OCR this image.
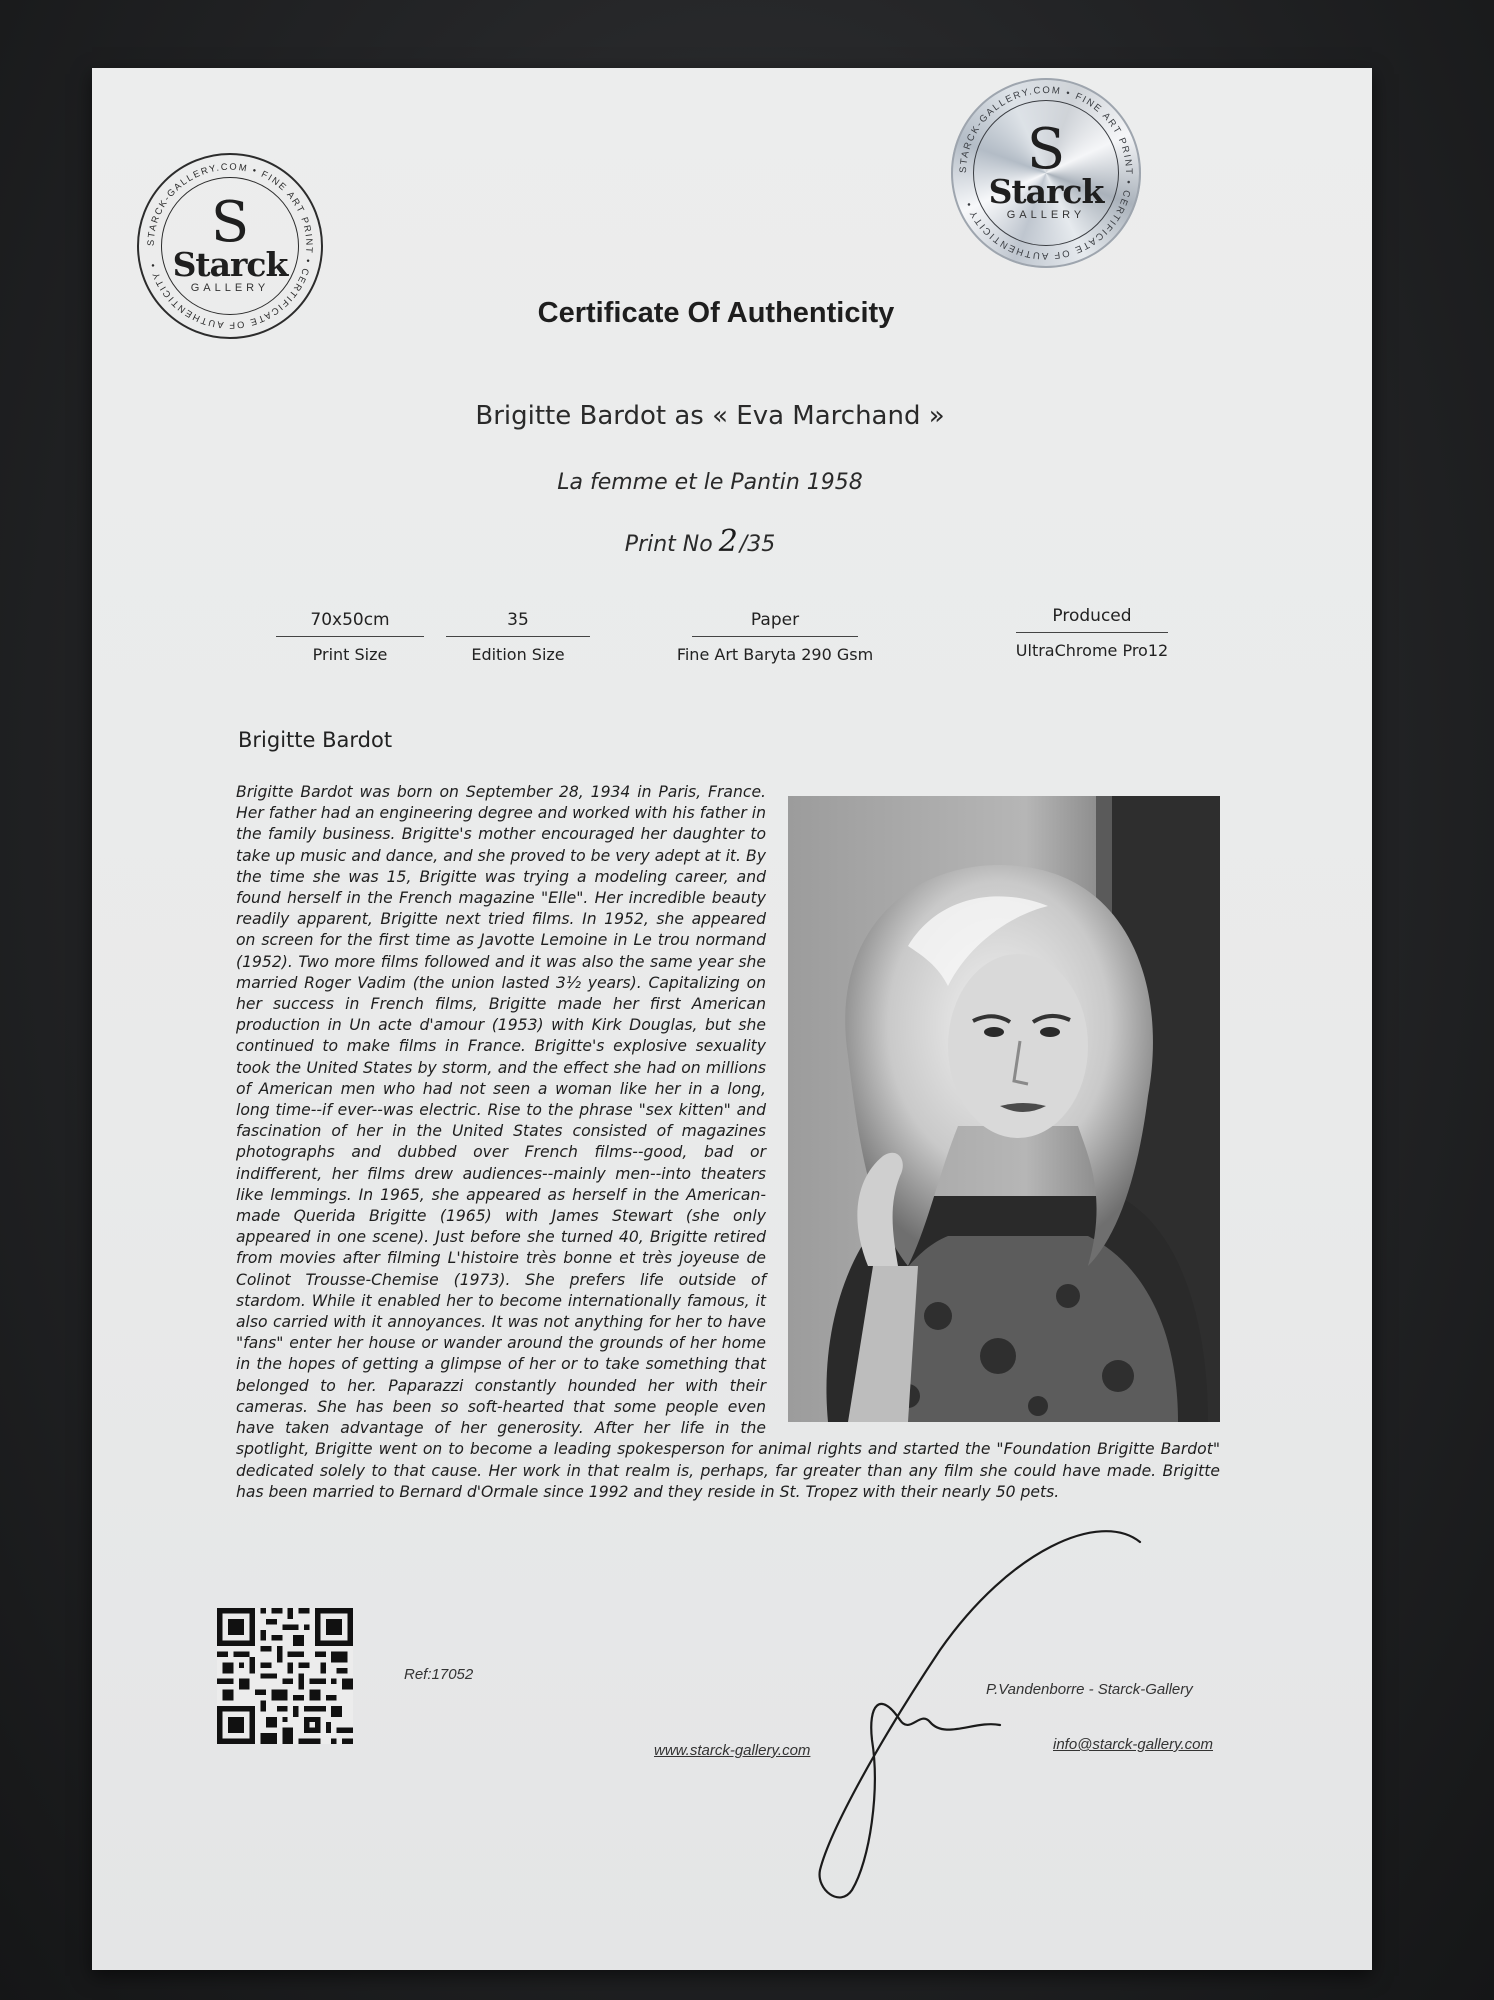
STARCK-GALLERY.COM • FINE ART PRINT • CERTIFICATE OF AUTHENTICITY •
S
Starck
GALLERY
STARCK-GALLERY.COM • FINE ART PRINT • CERTIFICATE OF AUTHENTICITY •
S
Starck
GALLERY
Certificate Of Authenticity
Brigitte Bardot as « Eva Marchand »
La femme et le Pantin 1958
Print No 2/35
70x50cm
Print Size
35
Edition Size
Paper
Fine Art Baryta 290 Gsm
Produced
UltraChrome Pro12
Brigitte Bardot
Brigitte Bardot was born on September 28, 1934 in Paris, France. Her father had an engineering degree and worked with his father in the family business. Brigitte's mother encouraged her daughter to take up music and dance, and she proved to be very adept at it. By the time she was 15, Brigitte was trying a modeling career, and found herself in the French magazine "Elle". Her incredible beauty readily apparent, Brigitte next tried films. In 1952, she appeared on screen for the first time as Javotte Lemoine in Le trou normand (1952). Two more films followed and it was also the same year she married Roger Vadim (the union lasted 3½ years). Capitalizing on her success in French films, Brigitte made her first American production in Un acte d'amour (1953) with Kirk Douglas, but she continued to make films in France. Brigitte's explosive sexuality took the United States by storm, and the effect she had on millions of American men who had not seen a woman like her in a long, long time--if ever--was electric. Rise to the phrase "sex kitten" and fascination of her in the United States consisted of magazines photographs and dubbed over French films--good, bad or indifferent, her films drew audiences--mainly men--into theaters like lemmings. In 1965, she appeared as herself in the American-made Querida Brigitte (1965) with James Stewart (she only appeared in one scene). Just before she turned 40, Brigitte retired from movies after filming L'histoire très bonne et très joyeuse de Colinot Trousse-Chemise (1973). She prefers life outside of stardom. While it enabled her to become internationally famous, it also carried with it annoyances. It was not anything for her to have "fans" enter her house or wander around the grounds of her home in the hopes of getting a glimpse of her or to take something that belonged to her. Paparazzi constantly hounded her with their cameras. She has been so soft-hearted that some people even have taken advantage of her generosity. After her life in the spotlight, Brigitte went on to become a leading spokesperson for animal rights and started the "Foundation Brigitte Bardot" dedicated solely to that cause. Her work in that realm is, perhaps, far greater than any film she could have made. Brigitte has been married to Bernard d'Ormale since 1992 and they reside in St. Tropez with their nearly 50 pets.
Ref:17052
P.Vandenborre - Starck-Gallery
www.starck-gallery.com	info@starck-gallery.com
